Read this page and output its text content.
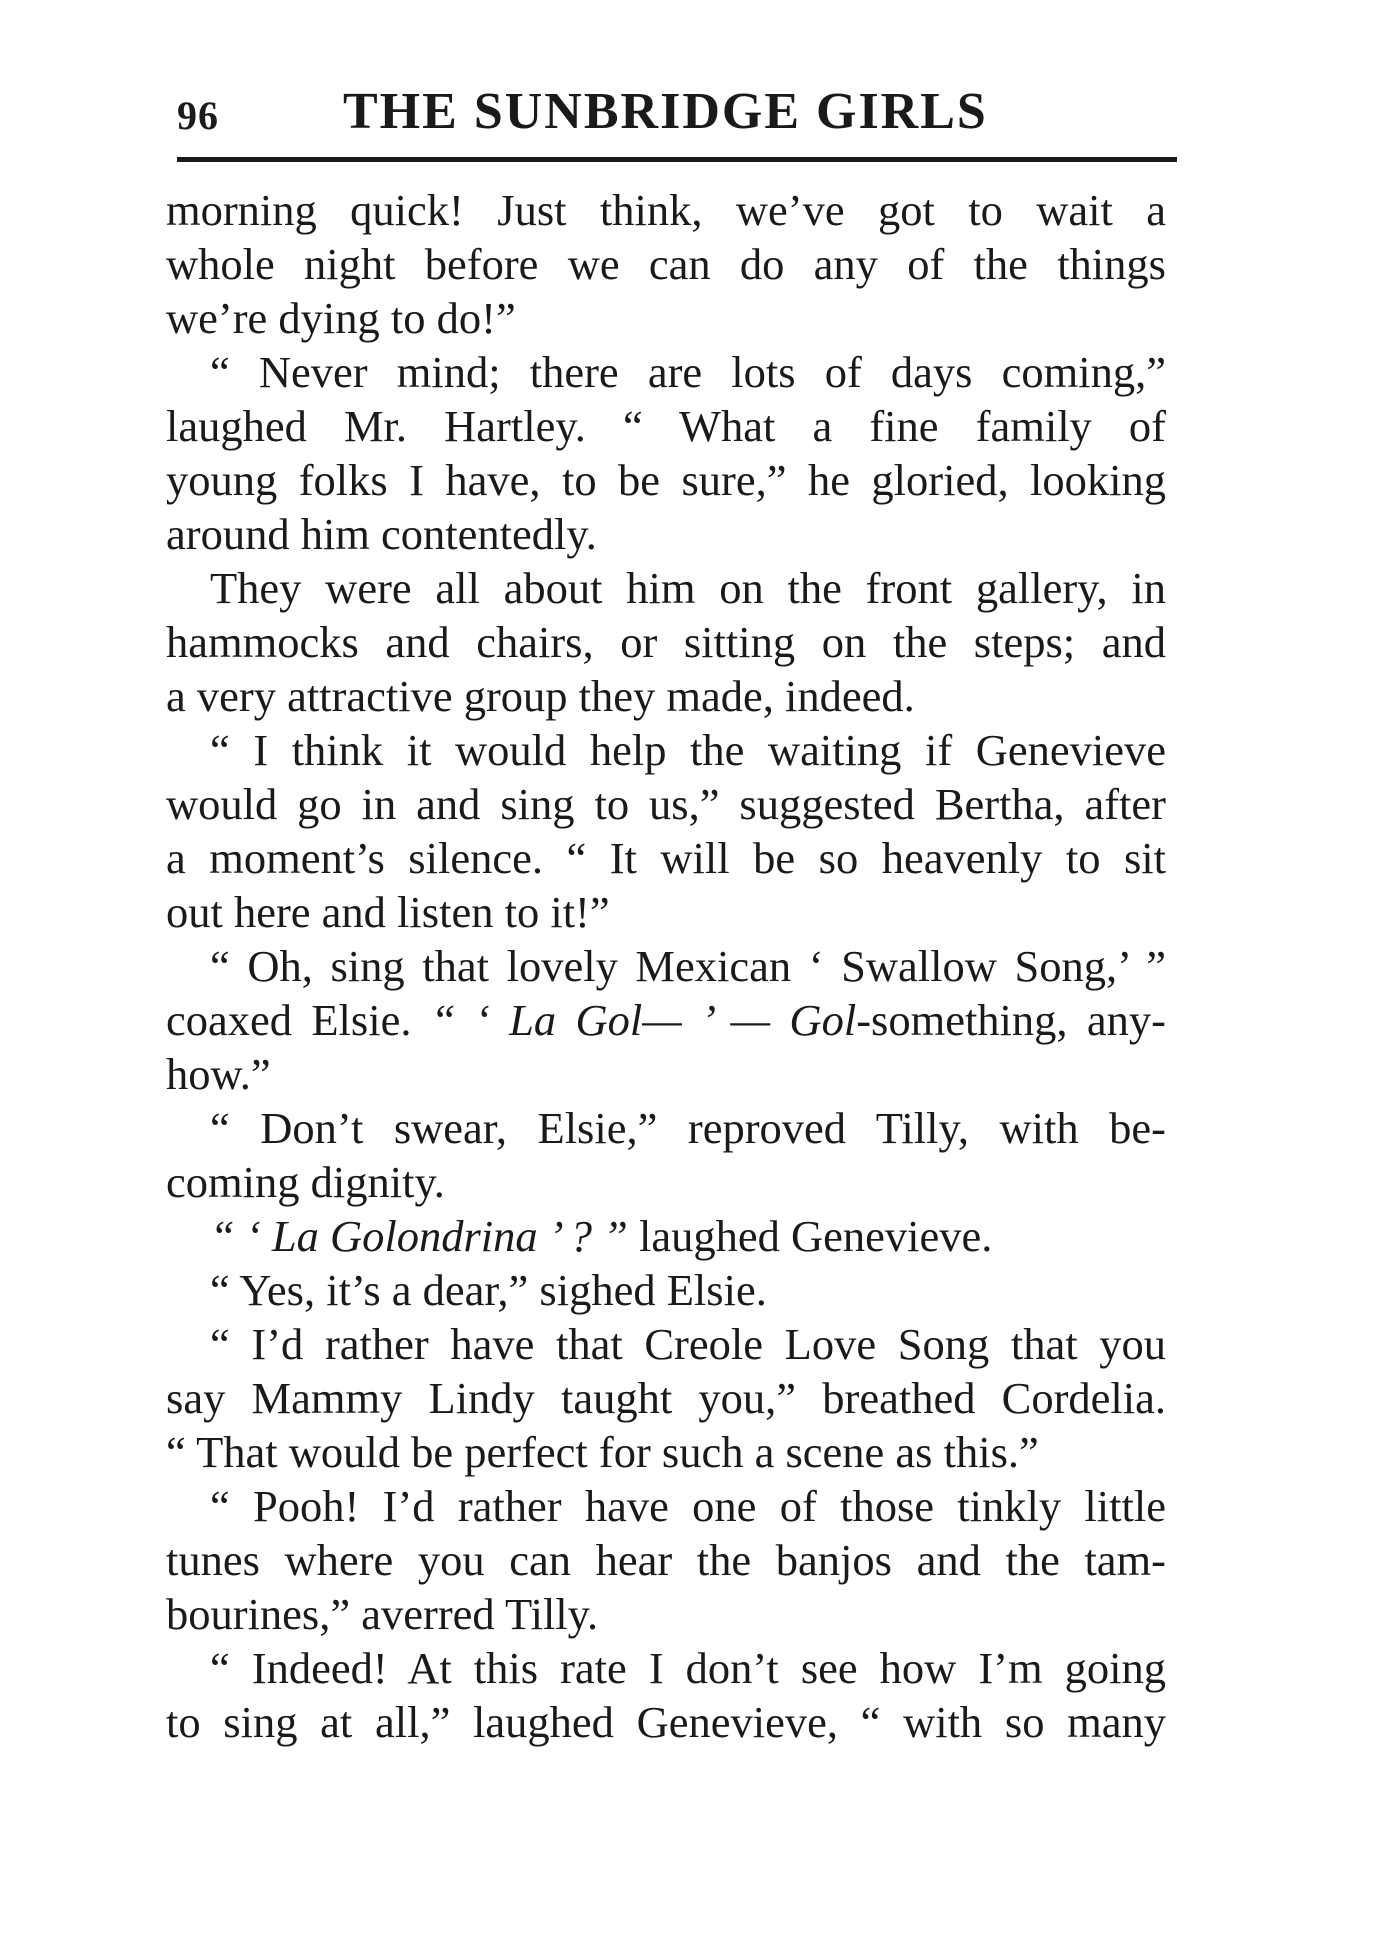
96 THE SUNBRIDGE GIRLS
morning quick! Just think, we’ve got to wait a
whole night before we can do any of the things
we’re dying to do!”
“ Never mind; there are lots of days coming,”
laughed Mr. Hartley. “ What a fine family of
young folks I have, to be sure,” he gloried, looking
around him contentedly.
They were all about him on the front gallery, in
hammocks and chairs, or sitting on the steps; and
a very attractive group they made, indeed.
“ I think it would help the waiting if Genevieve
would go in and sing to us,” suggested Bertha, after
a moment’s silence. “ It will be so heavenly to sit
out here and listen to it!”
“ Oh, sing that lovely Mexican ‘ Swallow Song,’ ”
coaxed Elsie. “ ‘ La Gol— ’ — Gol-something, any-
how.”
“ Don’t swear, Elsie,” reproved Tilly, with be-
coming dignity.
“ ‘ La Golondrina ’ ? ” laughed Genevieve.
“ Yes, it’s a dear,” sighed Elsie.
“ I’d rather have that Creole Love Song that you
say Mammy Lindy taught you,” breathed Cordelia.
“ That would be perfect for such a scene as this.”
“ Pooh! I’d rather have one of those tinkly little
tunes where you can hear the banjos and the tam-
bourines,” averred Tilly.
“ Indeed! At this rate I don’t see how I’m going
to sing at all,” laughed Genevieve, “ with so many
